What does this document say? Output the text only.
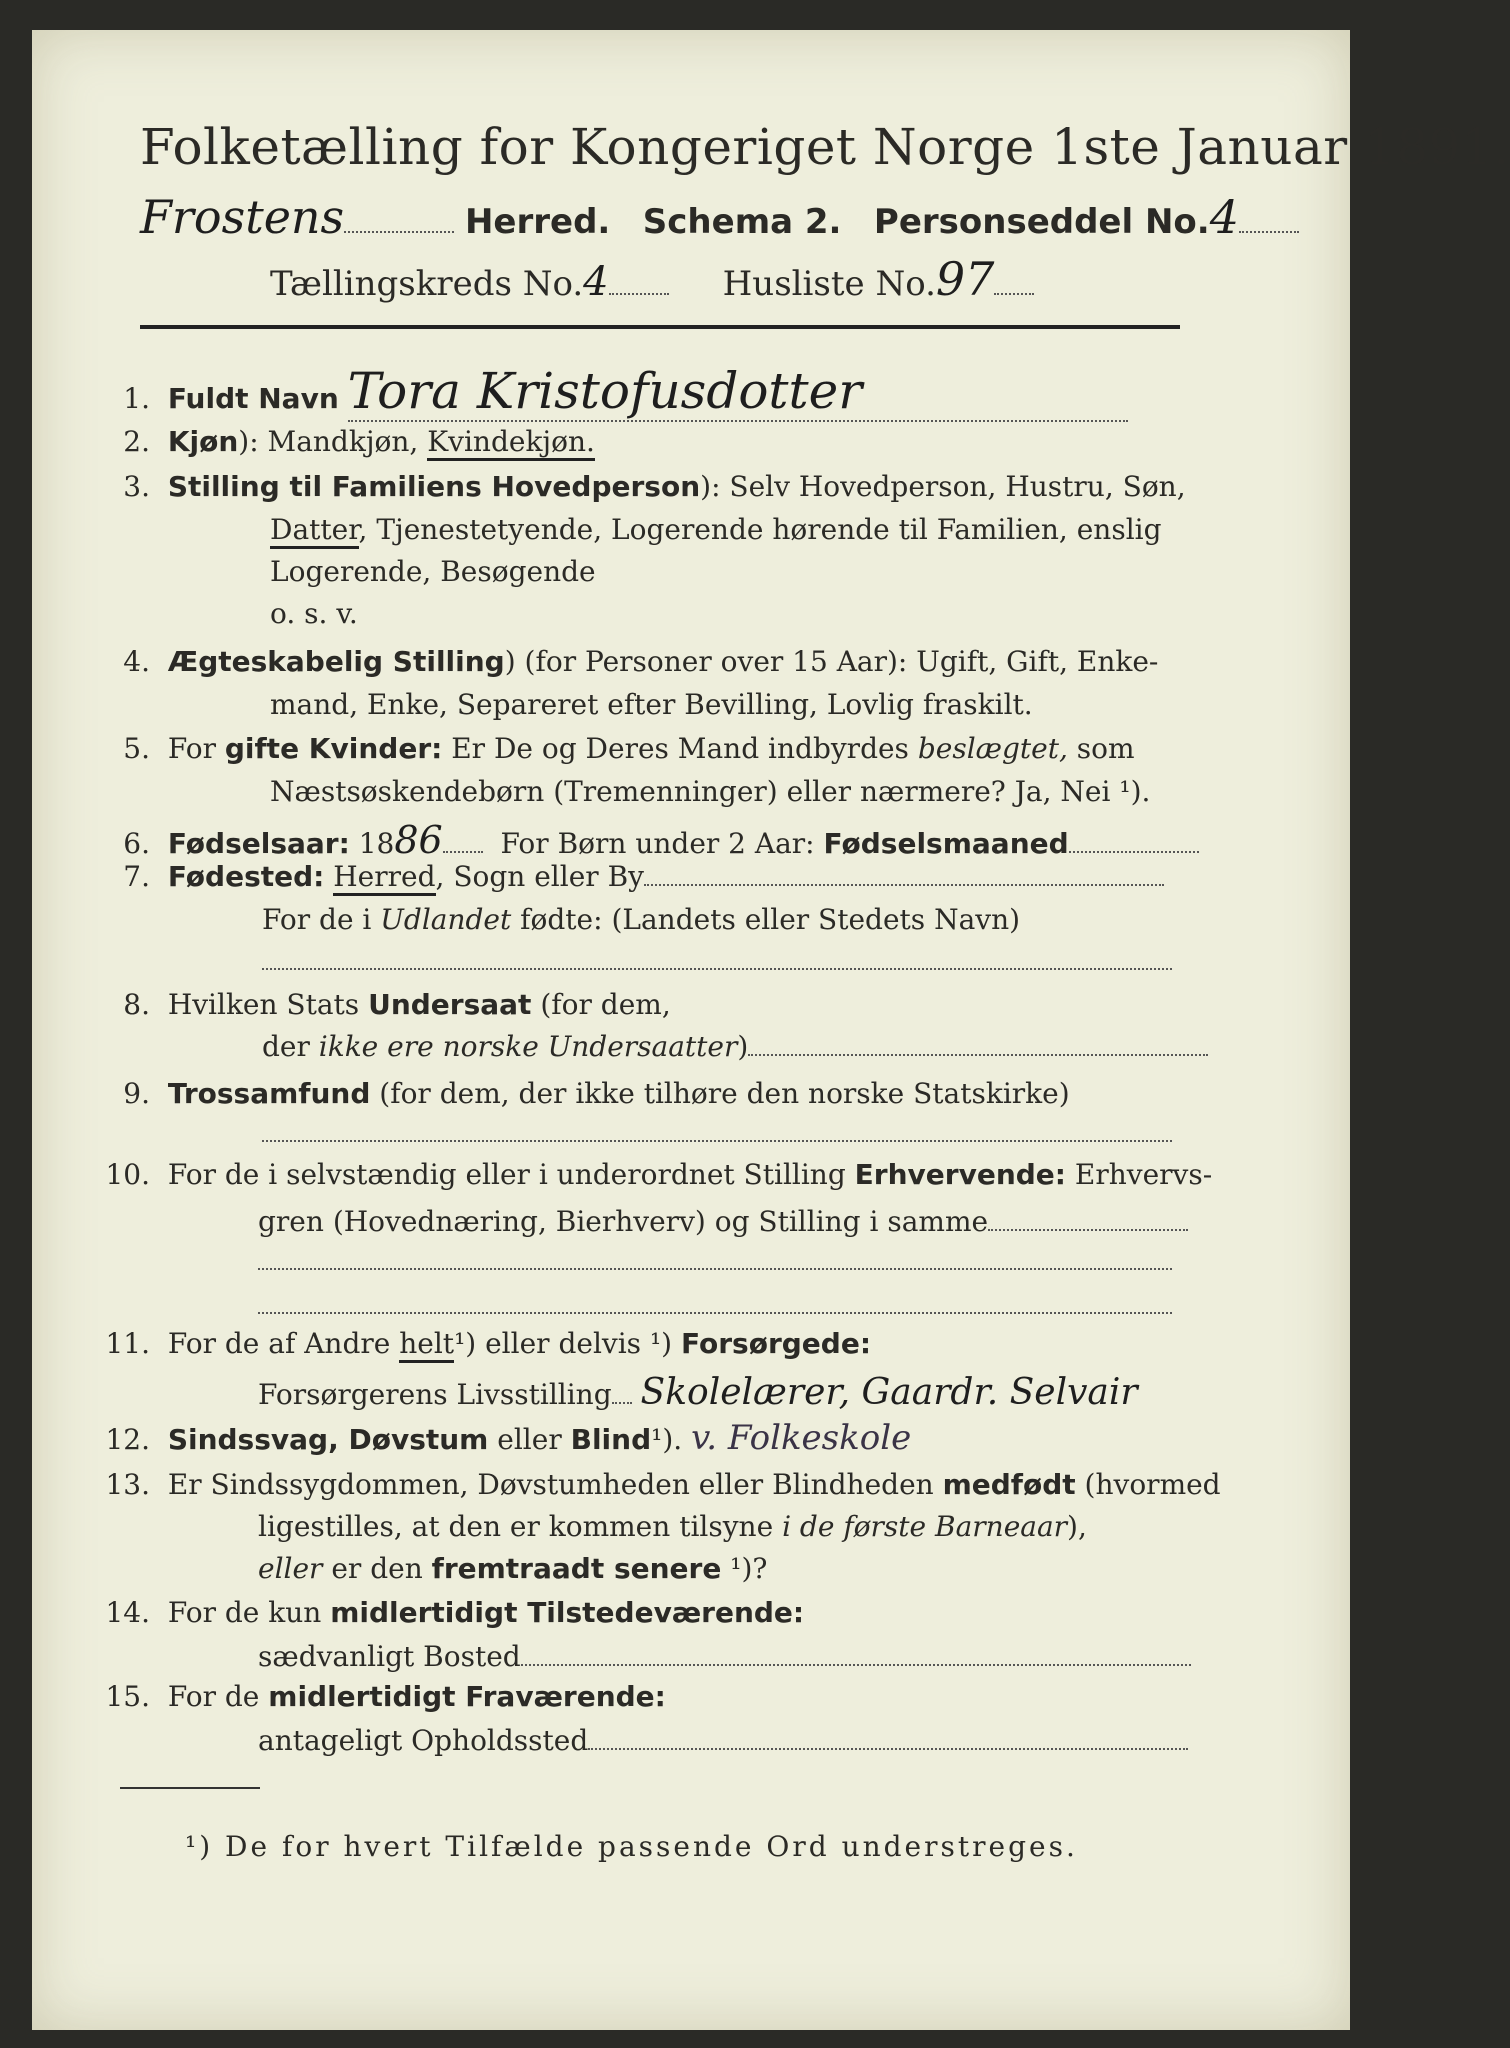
Folketælling for Kongeriget Norge 1ste Januar 1891.
Frostens	Herred. Schema 2. Personseddel No.4
Tællingskreds No.4	Husliste No.97
1. Fuldt Navn Tora Kristofusdotter
2. Kjøn): Mandkjøn, Kvindekjøn.
3. Stilling til Familiens Hovedperson): Selv Hovedperson, Hustru, Søn,
Datter, Tjenestetyende, Logerende hørende til Familien, enslig
Logerende, Besøgende
o. s. v.
4. Ægteskabelig Stilling) (for Personer over 15 Aar): Ugift, Gift, Enke-
mand, Enke, Separeret efter Bevilling, Lovlig fraskilt.
5. For gifte Kvinder: Er De og Deres Mand indbyrdes beslægtet, som
Næstsøskendebørn (Tremenninger) eller nærmere? Ja, Nei ¹).
6. Fødselsaar: 1886 For Børn under 2 Aar: Fødselsmaaned
7. Fødested: Herred, Sogn eller By
For de i Udlandet fødte: (Landets eller Stedets Navn)
8. Hvilken Stats Undersaat (for dem,
der ikke ere norske Undersaatter)
9. Trossamfund (for dem, der ikke tilhøre den norske Statskirke)
10. For de i selvstændig eller i underordnet Stilling Erhvervende: Erhvervs-
gren (Hovednæring, Bierhverv) og Stilling i samme
11. For de af Andre helt¹) eller delvis ¹) Forsørgede:
Forsørgerens Livsstilling Skolelærer, Gaardr. Selvair
12. Sindssvag, Døvstum eller Blind¹). v. Folkeskole
13. Er Sindssygdommen, Døvstumheden eller Blindheden medfødt (hvormed
ligestilles, at den er kommen tilsyne i de første Barneaar),
eller er den fremtraadt senere ¹)?
14. For de kun midlertidigt Tilstedeværende:
sædvanligt Bosted
15. For de midlertidigt Fraværende:
antageligt Opholdssted
¹) De for hvert Tilfælde passende Ord understreges.
